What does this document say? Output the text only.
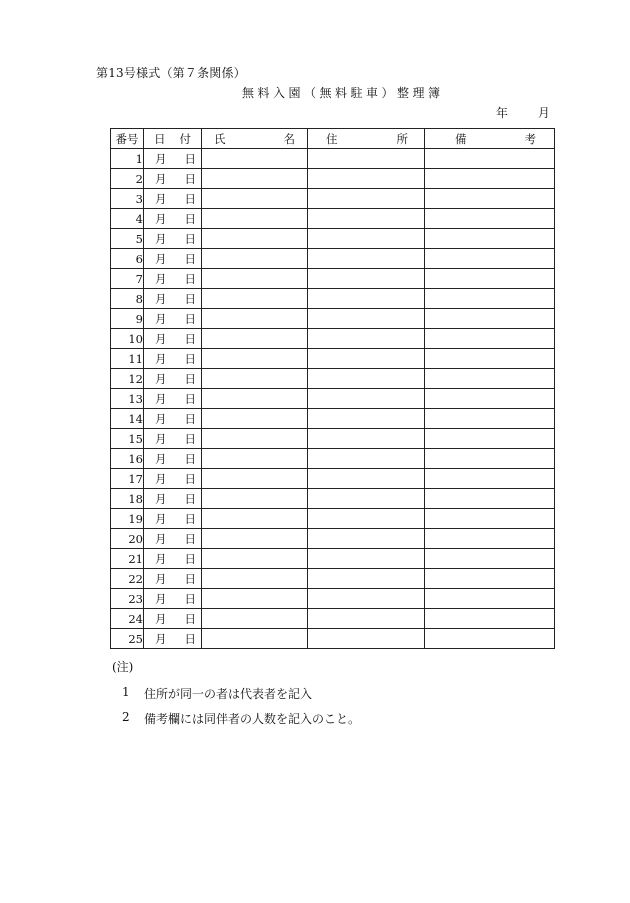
第13号様式（第７条関係）
無料入園（無料駐車）整理簿
年 月
番号	日 付	氏 名	住 所	備 考

1	月 日			

2	月 日			

3	月 日			

4	月 日			

5	月 日			

6	月 日			

7	月 日			

8	月 日			

9	月 日			

10	月 日			

11	月 日			

12	月 日			

13	月 日			

14	月 日			

15	月 日			

16	月 日			

17	月 日			

18	月 日			

19	月 日			

20	月 日			

21	月 日			

22	月 日			

23	月 日			

24	月 日			

25	月 日			

(注)
1	住所が同一の者は代表者を記入
2	備考欄には同伴者の人数を記入のこと。
